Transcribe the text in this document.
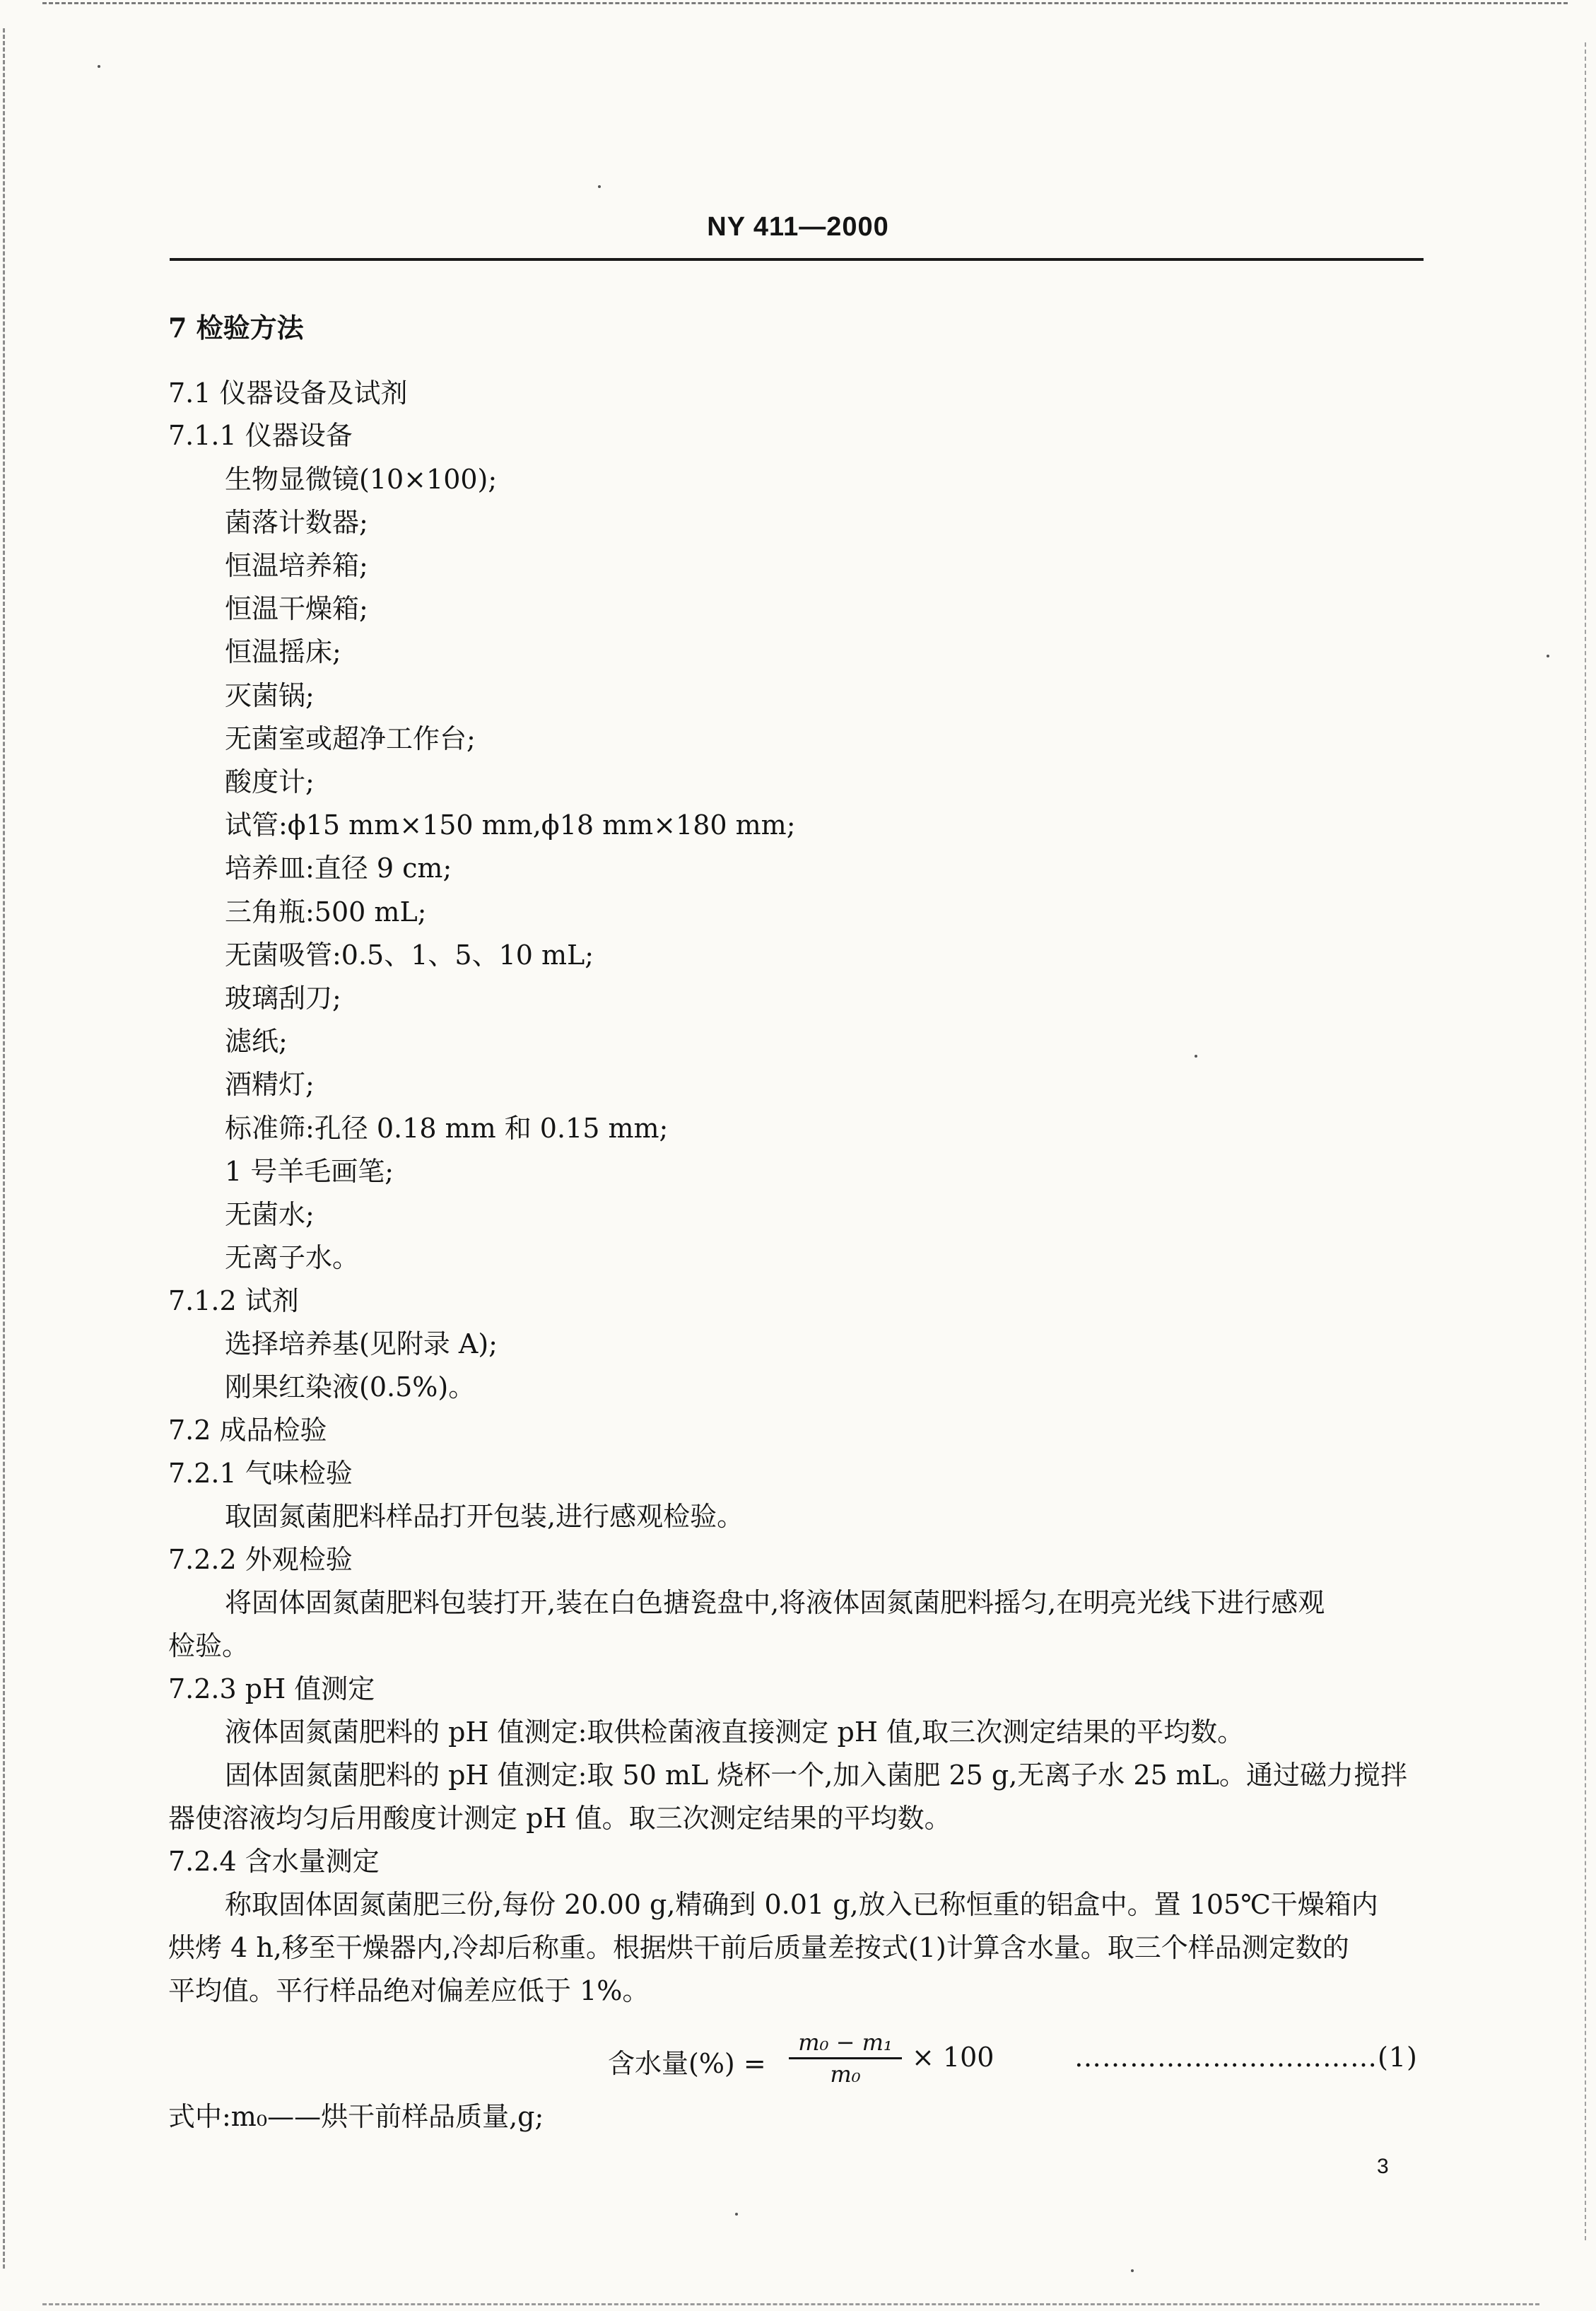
NY 411—2000
7 检验方法
7.1 仪器设备及试剂
7.1.1 仪器设备
生物显微镜(10×100);
菌落计数器;
恒温培养箱;
恒温干燥箱;
恒温摇床;
灭菌锅;
无菌室或超净工作台;
酸度计;
试管:ϕ15 mm×150 mm,ϕ18 mm×180 mm;
培养皿:直径 9 cm;
三角瓶:500 mL;
无菌吸管:0.5、1、5、10 mL;
玻璃刮刀;
滤纸;
酒精灯;
标准筛:孔径 0.18 mm 和 0.15 mm;
1 号羊毛画笔;
无菌水;
无离子水。
7.1.2 试剂
选择培养基(见附录 A);
刚果红染液(0.5%)。
7.2 成品检验
7.2.1 气味检验
取固氮菌肥料样品打开包装,进行感观检验。
7.2.2 外观检验
将固体固氮菌肥料包装打开,装在白色搪瓷盘中,将液体固氮菌肥料摇匀,在明亮光线下进行感观
检验。
7.2.3 pH 值测定
液体固氮菌肥料的 pH 值测定:取供检菌液直接测定 pH 值,取三次测定结果的平均数。
固体固氮菌肥料的 pH 值测定:取 50 mL 烧杯一个,加入菌肥 25 g,无离子水 25 mL。通过磁力搅拌
器使溶液均匀后用酸度计测定 pH 值。取三次测定结果的平均数。
7.2.4 含水量测定
称取固体固氮菌肥三份,每份 20.00 g,精确到 0.01 g,放入已称恒重的铝盒中。置 105℃干燥箱内
烘烤 4 h,移至干燥器内,冷却后称重。根据烘干前后质量差按式(1)计算含水量。取三个样品测定数的
平均值。平行样品绝对偏差应低于 1%。
含水量(%) =
m₀ − m₁
m₀
× 100	……………………………(1)
式中:m₀——烘干前样品质量,g;
3
